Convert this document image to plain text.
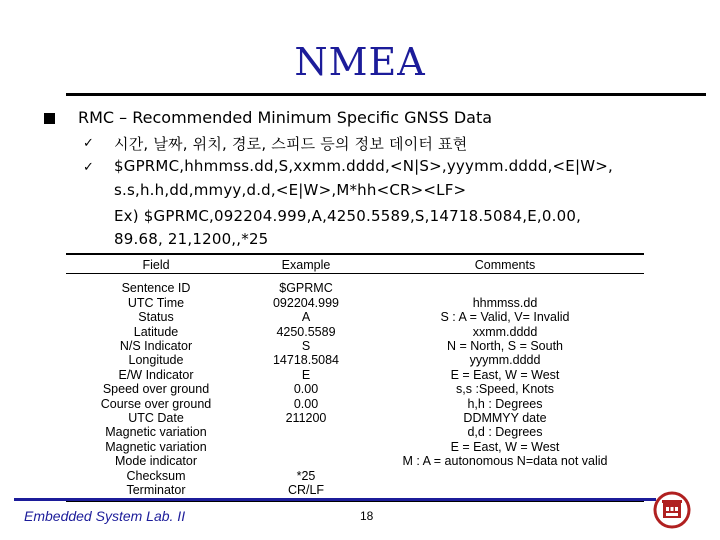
NMEA
RMC – Recommended Minimum Specific GNSS Data
✓ 시간, 날짜, 위치, 경로, 스피드 등의 정보 데이터 표현
✓ $GPRMC,hhmmss.dd,S,xxmm.dddd,<N|S>,yyymm.dddd,<E|W>,
s.s,h.h,dd,mmyy,d.d,<E|W>,M*hh<CR><LF>
Ex) $GPRMC,092204.999,A,4250.5589,S,14718.5084,E,0.00,
89.68, 21,1200,,*25
Field	Example	Comments
Sentence ID	$GPRMC	
UTC Time	092204.999	hhmmss.dd
Status	A	S : A = Valid, V= Invalid
Latitude	4250.5589	xxmm.dddd
N/S Indicator	S	N = North, S = South
Longitude	14718.5084	yyymm.dddd
E/W Indicator	E	E = East, W = West
Speed over ground	0.00	s,s :Speed, Knots
Course over ground	0.00	h,h : Degrees
UTC Date	211200	DDMMYY date
Magnetic variation		d,d : Degrees
Magnetic variation		E = East, W = West
Mode indicator		M : A = autonomous N=data not valid
Checksum	*25	
Terminator	CR/LF	
Embedded System Lab. II	18
